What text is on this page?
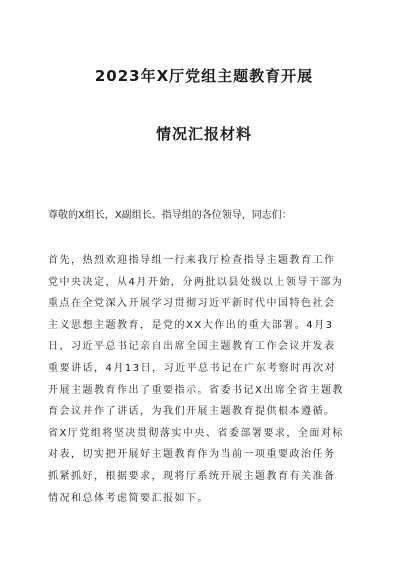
2023年X厅党组主题教育开展
情况汇报材料
尊敬的X组长，X副组长、指导组的各位领导，同志们：
首先，热烈欢迎指导组一行来我厅检查指导主题教育工作
党中央决定，从4月开始，分两批以县处级以上领导干部为
重点在全党深入开展学习贯彻习近平新时代中国特色社会
主义思想主题教育，是党的XX大作出的重大部署。4月3
日，习近平总书记亲自出席全国主题教育工作会议并发表
重要讲话，4月13日，习近平总书记在广东考察时再次对
开展主题教育作出了重要指示。省委书记X出席全省主题教
育会议并作了讲话，为我们开展主题教育提供根本遵循。
省X厅党组将坚决贯彻落实中央、省委部署要求，全面对标
对表，切实把开展好主题教育作为当前一项重要政治任务
抓紧抓好，根据要求，现将厅系统开展主题教育有关准备
情况和总体考虑简要汇报如下。
